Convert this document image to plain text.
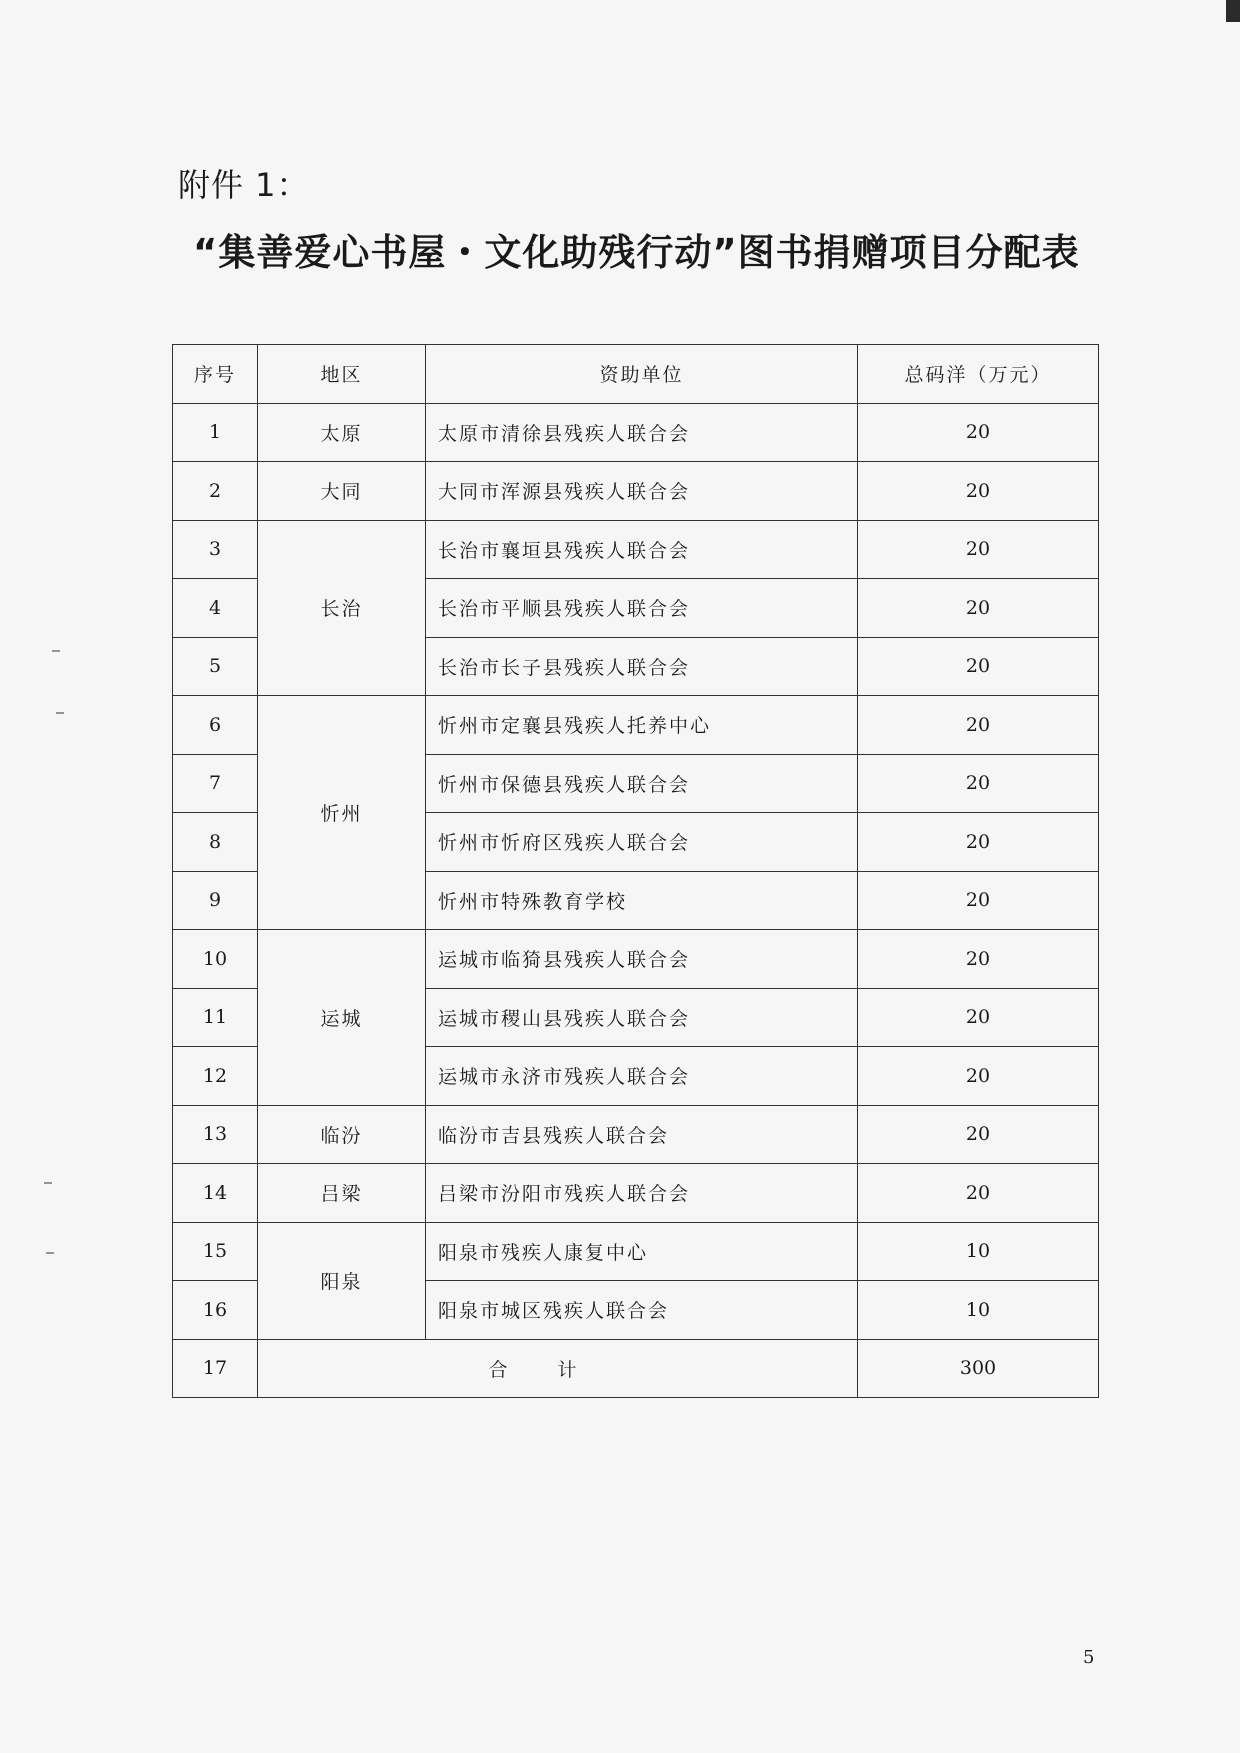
附件 1：
“集善爱心书屋・文化助残行动”图书捐赠项目分配表
序号	地区	资助单位	总码洋（万元）
1	太原	太原市清徐县残疾人联合会	20
2	大同	大同市浑源县残疾人联合会	20
3	长治	长治市襄垣县残疾人联合会	20
4		长治市平顺县残疾人联合会	20
5		长治市长子县残疾人联合会	20
6	忻州	忻州市定襄县残疾人托养中心	20
7		忻州市保德县残疾人联合会	20
8		忻州市忻府区残疾人联合会	20
9		忻州市特殊教育学校	20
10	运城	运城市临猗县残疾人联合会	20
11		运城市稷山县残疾人联合会	20
12		运城市永济市残疾人联合会	20
13	临汾	临汾市吉县残疾人联合会	20
14	吕梁	吕梁市汾阳市残疾人联合会	20
15	阳泉	阳泉市残疾人康复中心	10
16		阳泉市城区残疾人联合会	10
17	合计		300
5
